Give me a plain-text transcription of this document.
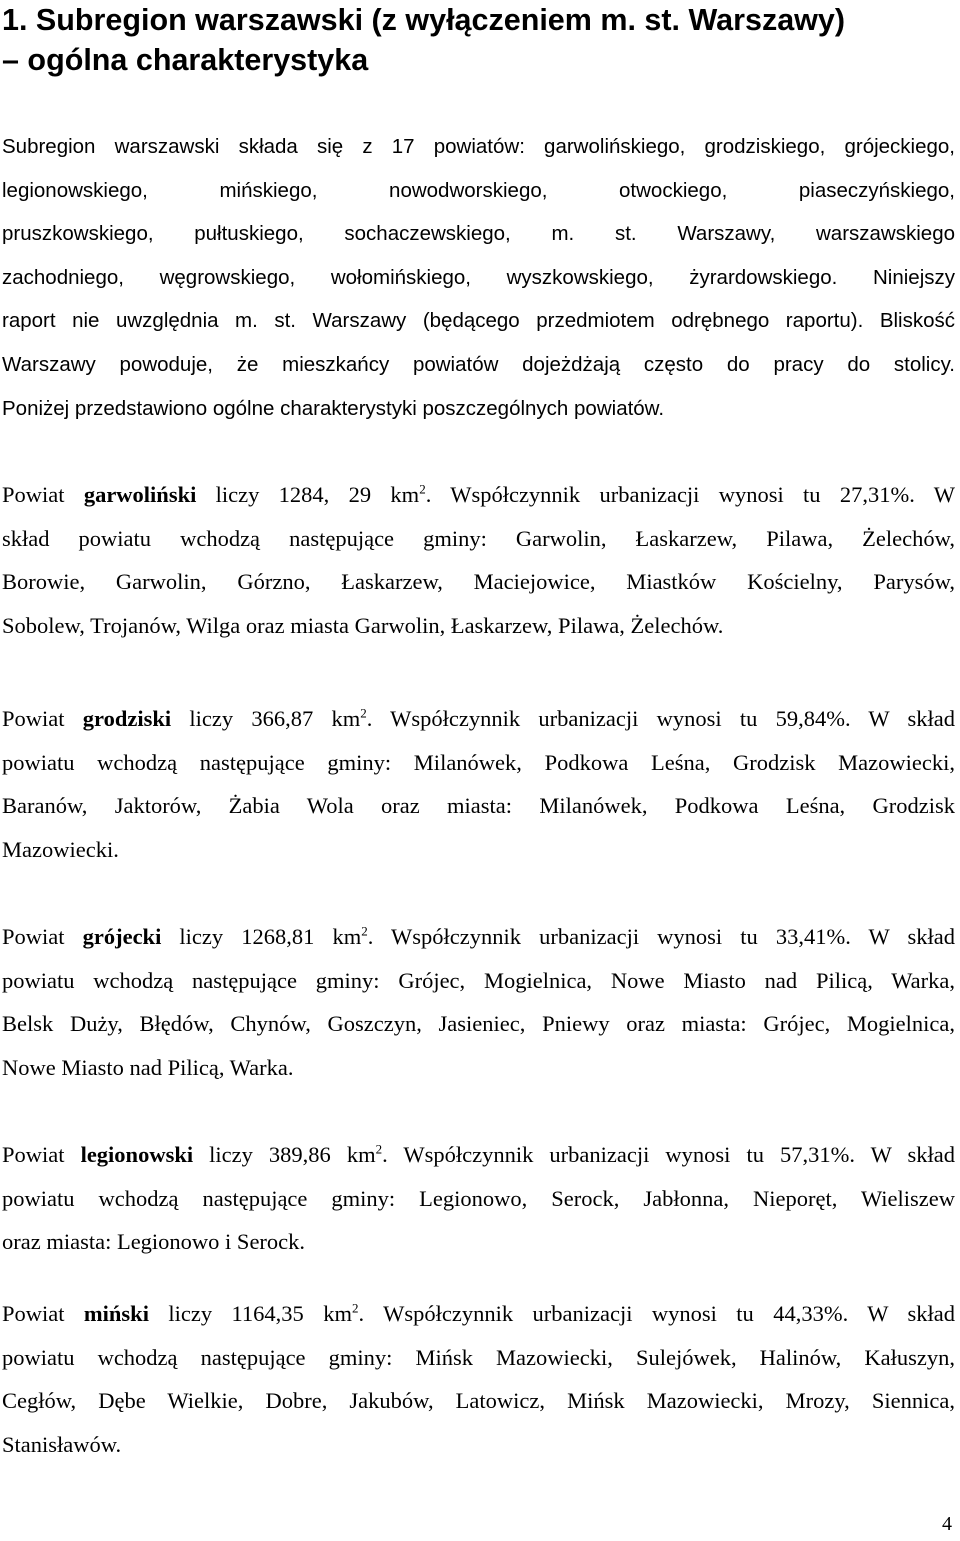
1. Subregion warszawski (z wyłączeniem m. st. Warszawy)
– ogólna charakterystyka
Subregion warszawski składa się z 17 powiatów: garwolińskiego, grodziskiego, grójeckiego,
legionowskiego, mińskiego, nowodworskiego, otwockiego, piaseczyńskiego,
pruszkowskiego, pułtuskiego, sochaczewskiego, m. st. Warszawy, warszawskiego
zachodniego, węgrowskiego, wołomińskiego, wyszkowskiego, żyrardowskiego. Niniejszy
raport nie uwzględnia m. st. Warszawy (będącego przedmiotem odrębnego raportu). Bliskość
Warszawy powoduje, że mieszkańcy powiatów dojeżdżają często do pracy do stolicy.
Poniżej przedstawiono ogólne charakterystyki poszczególnych powiatów.
Powiat garwoliński liczy 1284, 29 $km^2$. Współczynnik urbanizacji wynosi tu 27,31%. W
skład powiatu wchodzą następujące gminy: Garwolin, Łaskarzew, Pilawa, Żelechów,
Borowie, Garwolin, Górzno, Łaskarzew, Maciejowice, Miastków Kościelny, Parysów,
Sobolew, Trojanów, Wilga oraz miasta Garwolin, Łaskarzew, Pilawa, Żelechów.
Powiat grodziski liczy 366,87 $km^2$. Współczynnik urbanizacji wynosi tu 59,84%. W skład
powiatu wchodzą następujące gminy: Milanówek, Podkowa Leśna, Grodzisk Mazowiecki,
Baranów, Jaktorów, Żabia Wola oraz miasta: Milanówek, Podkowa Leśna, Grodzisk
Mazowiecki.
Powiat grójecki liczy 1268,81 $km^2$. Współczynnik urbanizacji wynosi tu 33,41%. W skład
powiatu wchodzą następujące gminy: Grójec, Mogielnica, Nowe Miasto nad Pilicą, Warka,
Belsk Duży, Błędów, Chynów, Goszczyn, Jasieniec, Pniewy oraz miasta: Grójec, Mogielnica,
Nowe Miasto nad Pilicą, Warka.
Powiat legionowski liczy 389,86 $km^2$. Współczynnik urbanizacji wynosi tu 57,31%. W skład
powiatu wchodzą następujące gminy: Legionowo, Serock, Jabłonna, Nieporęt, Wieliszew
oraz miasta: Legionowo i Serock.
Powiat miński liczy 1164,35 $km^2$. Współczynnik urbanizacji wynosi tu 44,33%. W skład
powiatu wchodzą następujące gminy: Mińsk Mazowiecki, Sulejówek, Halinów, Kałuszyn,
Cegłów, Dębe Wielkie, Dobre, Jakubów, Latowicz, Mińsk Mazowiecki, Mrozy, Siennica,
Stanisławów.
4
